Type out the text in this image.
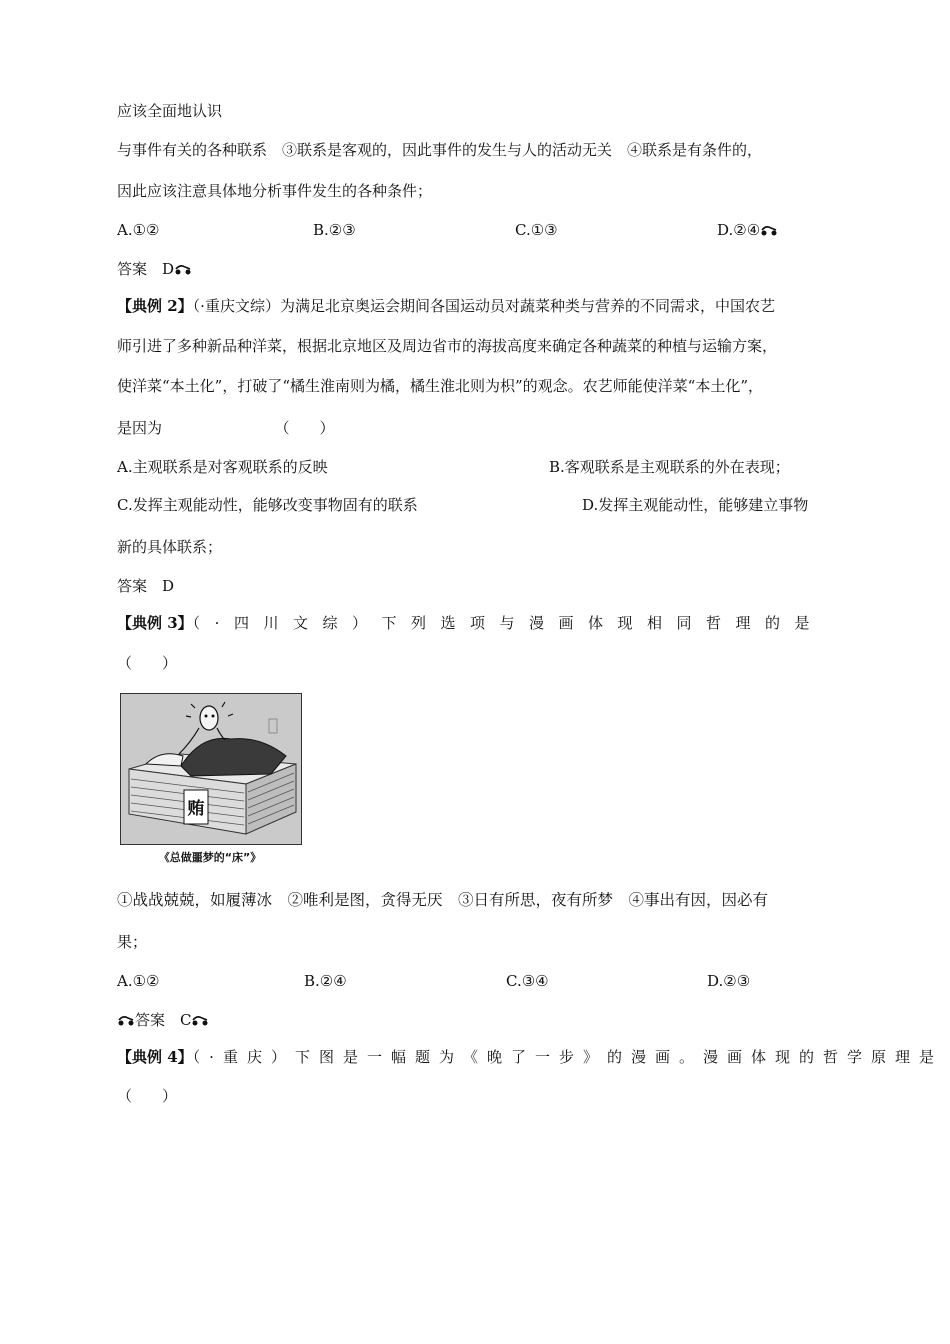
应该全面地认识
与事件有关的各种联系　③联系是客观的，因此事件的发生与人的活动无关　④联系是有条件的，
因此应该注意具体地分析事件发生的各种条件；
A.①②	B.②③	C.①③	D.②④
答案　D
【典例 2】（·重庆文综）为满足北京奥运会期间各国运动员对蔬菜种类与营养的不同需求，中国农艺
师引进了多种新品种洋菜，根据北京地区及周边省市的海拔高度来确定各种蔬菜的种植与运输方案，
使洋菜“本土化”，打破了“橘生淮南则为橘，橘生淮北则为枳”的观念。农艺师能使洋菜“本土化”，
是因为　　　　　　　　（　　）
A.主观联系是对客观联系的反映	B.客观联系是主观联系的外在表现；
C.发挥主观能动性，能够改变事物固有的联系	D.发挥主观能动性，能够建立事物
新的具体联系；
答案　D
【典例 3】（·四川文综）下列选项与漫画体现相同哲理的是
（　　）
贿
《总做噩梦的“床”》
①战战兢兢，如履薄冰　②唯利是图，贪得无厌　③日有所思，夜有所梦　④事出有因，因必有
果；
A.①②	B.②④	C.③④	D.②③
答案　C
【典例 4】（·重庆）下图是一幅题为《晚了一步》的漫画。漫画体现的哲学原理是
（　　）
